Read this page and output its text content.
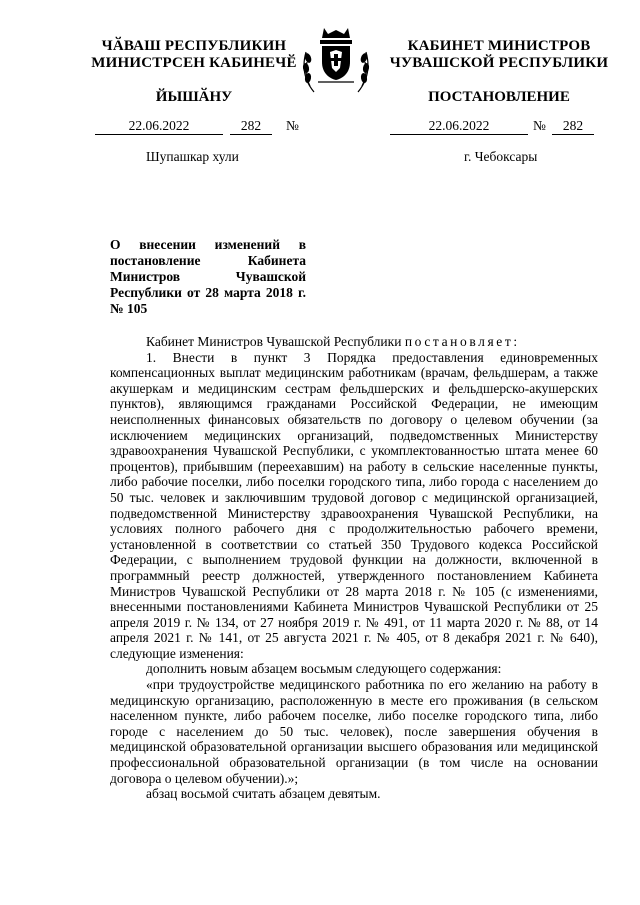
ЧӐВАШ РЕСПУБЛИКИН
МИНИСТРСЕН КАБИНЕЧӖ
КАБИНЕТ МИНИСТРОВ
ЧУВАШСКОЙ РЕСПУБЛИКИ
ЙЫШӐНУ	ПОСТАНОВЛЕНИЕ
22.06.2022	282	№	22.06.2022	№	282
Шупашкар хули	г. Чебоксары
О внесении изменений в постановление Кабинета Министров Чувашской Республики от 28 марта 2018 г. № 105

Кабинет Министров Чувашской Республики постановляет:

1. Внести в пункт 3 Порядка предоставления единовременных компенсационных выплат медицинским работникам (врачам, фельдшерам, а также акушеркам и медицинским сестрам фельдшерских и фельдшерско-акушерских пунктов), являющимся гражданами Российской Федерации, не имеющим неисполненных финансовых обязательств по договору о целевом обучении (за исключением медицинских организаций, подведомственных Министерству здравоохранения Чувашской Республики, с укомплектованностью штата менее 60 процентов), прибывшим (переехавшим) на работу в сельские населенные пункты, либо рабочие поселки, либо поселки городского типа, либо города с населением до 50 тыс. человек и заключившим трудовой договор с медицинской организацией, подведомственной Министерству здравоохранения Чувашской Республики, на условиях полного рабочего дня с продолжительностью рабочего времени, установленной в соответствии со статьей 350 Трудового кодекса Российской Федерации, с выполнением трудовой функции на должности, включенной в программный реестр должностей, утвержденного постановлением Кабинета Министров Чувашской Республики от 28 марта 2018 г. № 105 (с изменениями, внесенными постановлениями Кабинета Министров Чувашской Республики от 25 апреля 2019 г. № 134, от 27 ноября 2019 г. № 491, от 11 марта 2020 г. № 88, от 14 апреля 2021 г. № 141, от 25 августа 2021 г. № 405, от 8 декабря 2021 г. № 640), следующие изменения:

дополнить новым абзацем восьмым следующего содержания:

«при трудоустройстве медицинского работника по его желанию на работу в медицинскую организацию, расположенную в месте его проживания (в сельском населенном пункте, либо рабочем поселке, либо поселке городского типа, либо городе с населением до 50 тыс. человек), после завершения обучения в медицинской образовательной организации высшего образования или медицинской профессиональной образовательной организации (в том числе на основании договора о целевом обучении).»;

абзац восьмой считать абзацем девятым.
